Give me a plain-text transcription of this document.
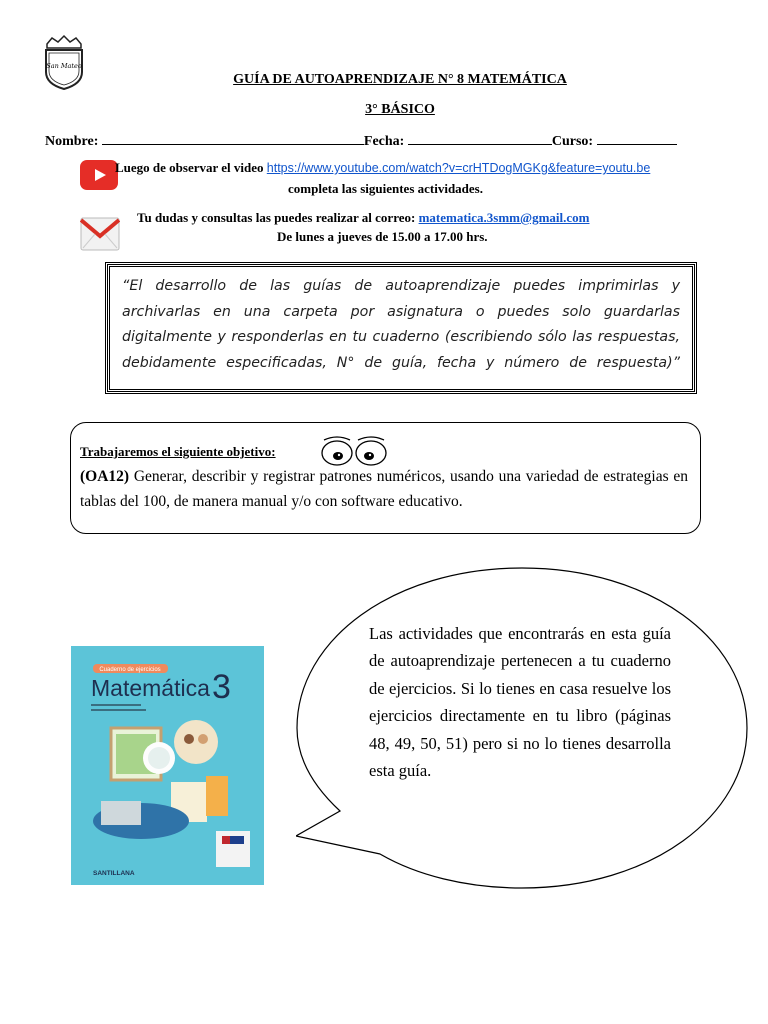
San Mateo
GUÍA DE AUTOAPRENDIZAJE N° 8 MATEMÁTICA
3° BÁSICO
Nombre:	Fecha:	Curso:
Luego de observar el video https://www.youtube.com/watch?v=crHTDogMGKg&feature=youtu.be
completa las siguientes actividades.
Tu dudas y consultas las puedes realizar al correo: matematica.3smm@gmail.com
De lunes a jueves de 15.00 a 17.00 hrs.

“El desarrollo de las guías de autoaprendizaje puedes imprimirlas y archivarlas en una carpeta por asignatura o puedes solo guardarlas digitalmente y responderlas en tu cuaderno (escribiendo sólo las respuestas, debidamente especificadas, N° de guía, fecha y número de respuesta)”

Trabajaremos el siguiente objetivo:
(OA12) Generar, describir y registrar patrones numéricos, usando una variedad de estrategias en tablas del 100, de manera manual y/o con software educativo.
Cuaderno de ejercicios
Matemática 3
SANTILLANA
Las actividades que encontrarás en esta guía de autoaprendizaje pertenecen a tu cuaderno de ejercicios. Si lo tienes en casa resuelve los ejercicios directamente en tu libro (páginas 48, 49, 50, 51) pero si no lo tienes desarrolla esta guía.
